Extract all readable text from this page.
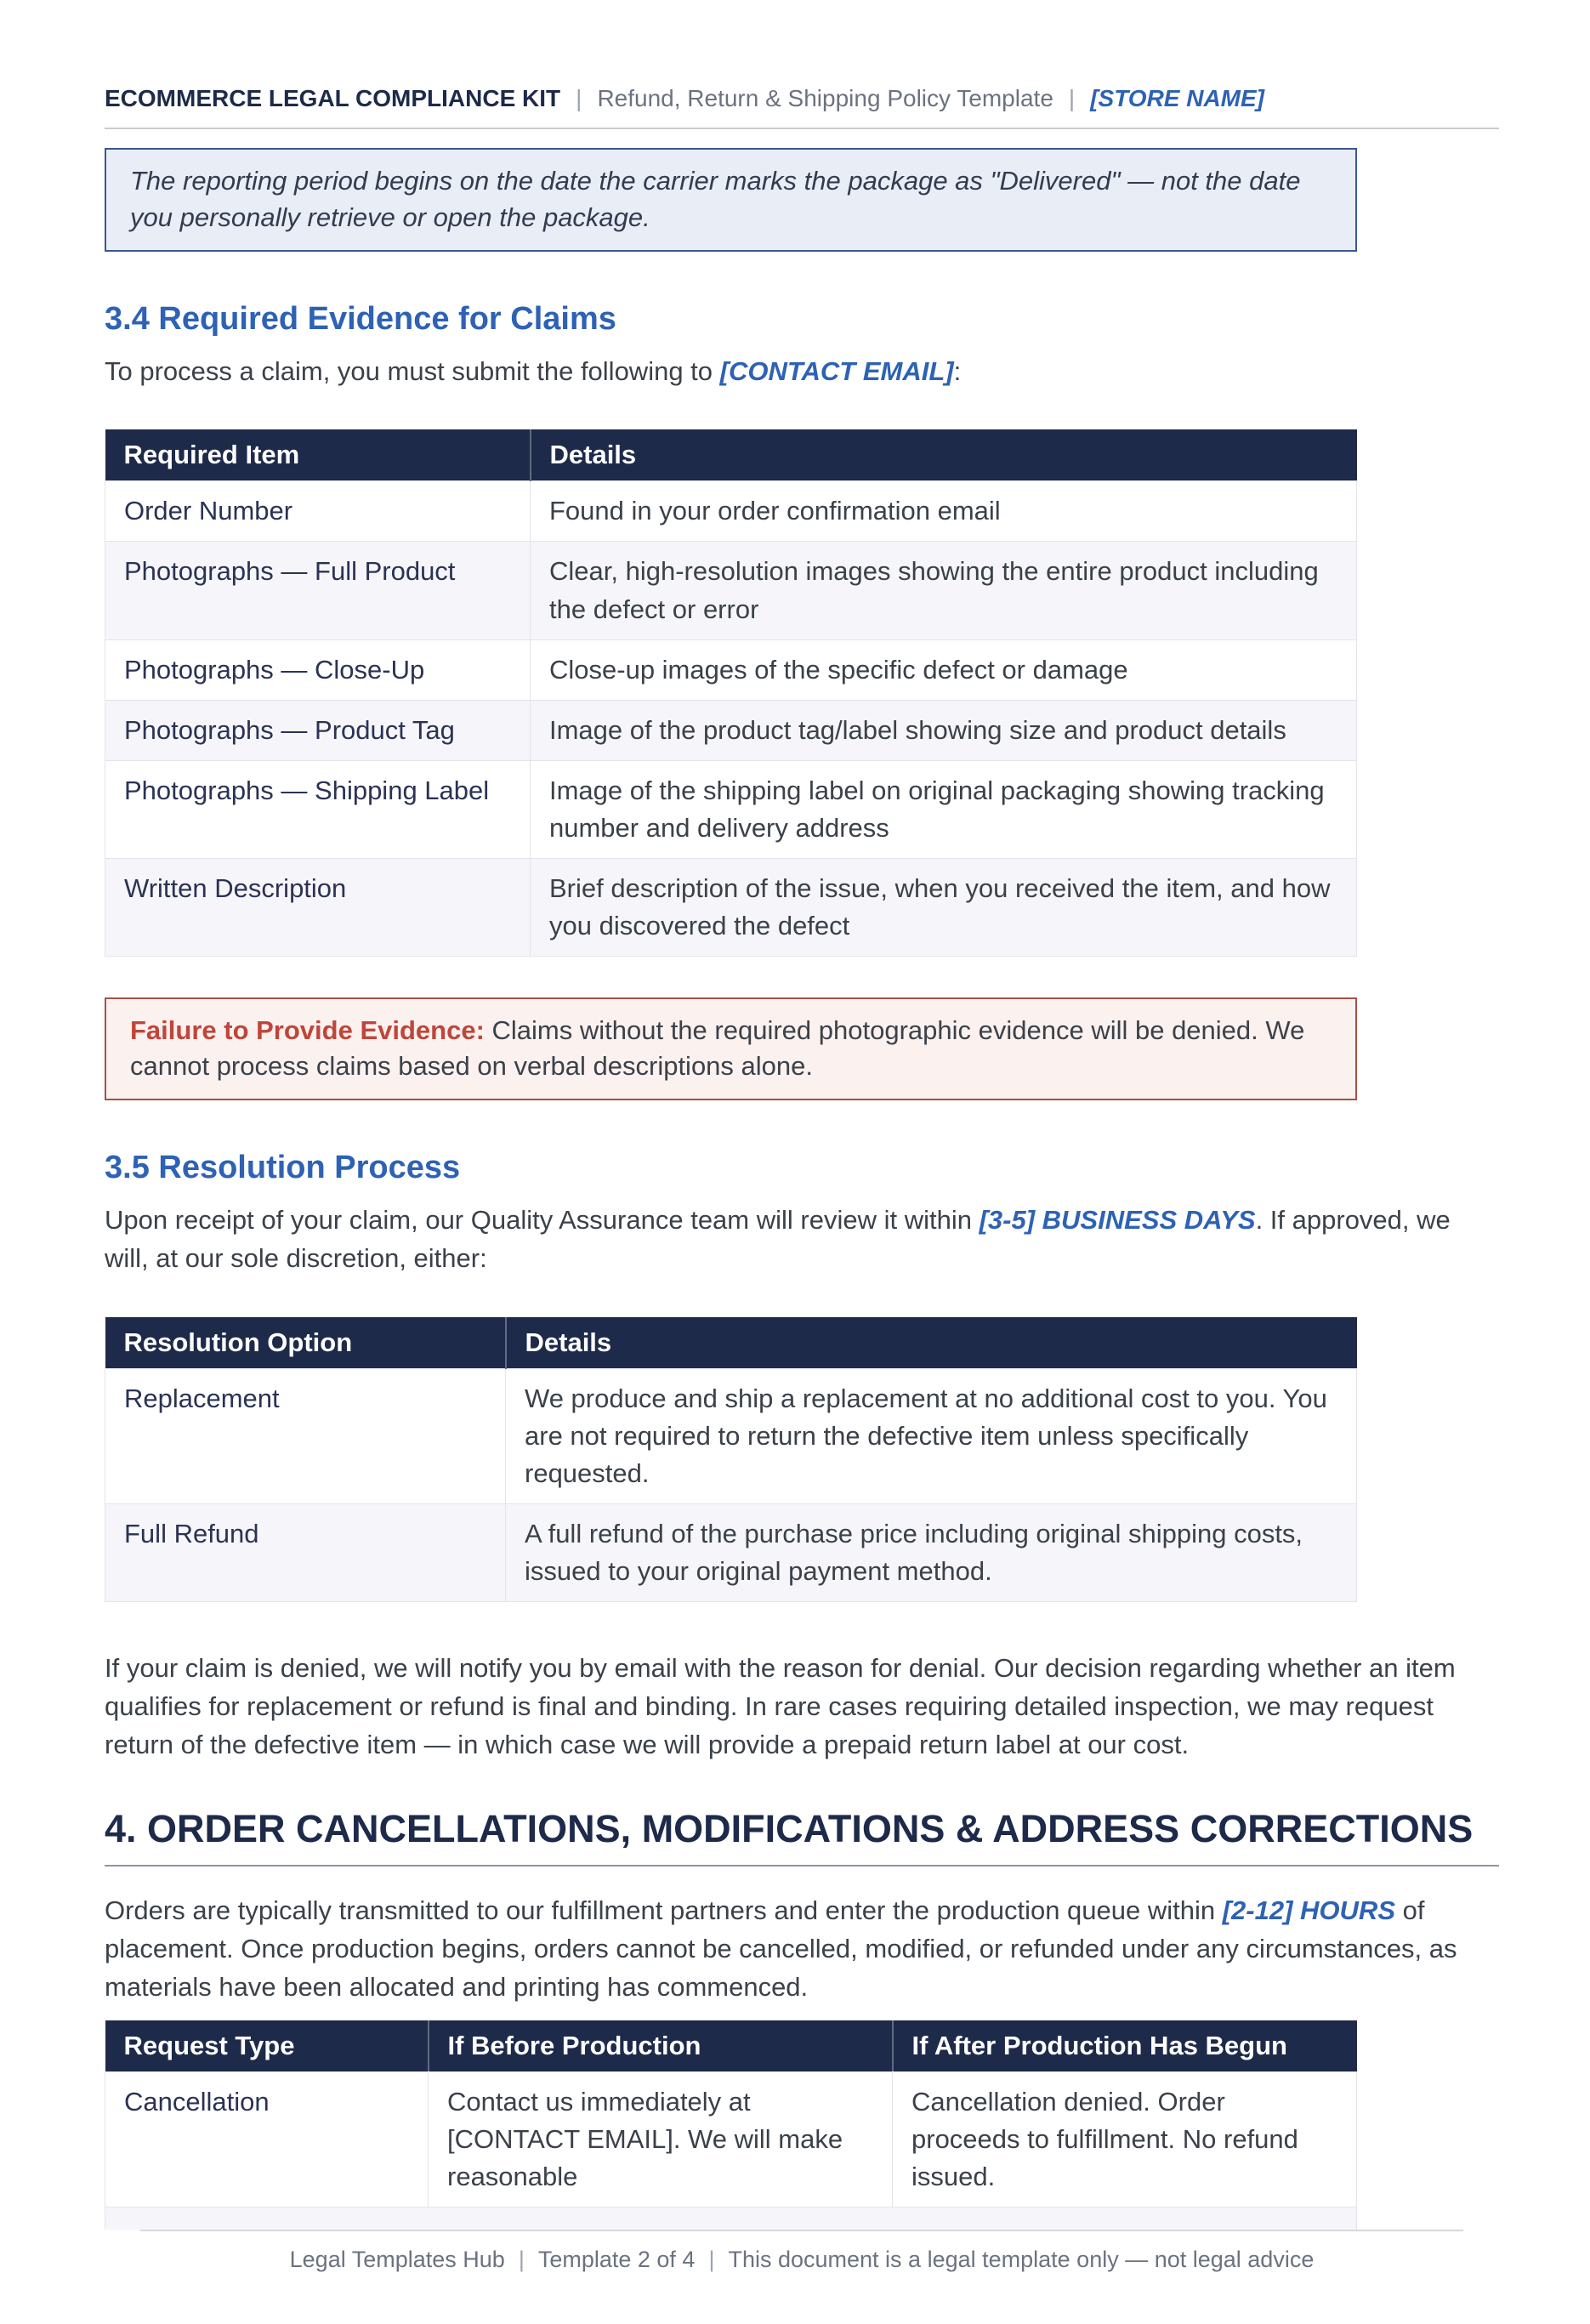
ECOMMERCE LEGAL COMPLIANCE KIT | Refund, Return & Shipping Policy Template | [STORE NAME]
The reporting period begins on the date the carrier marks the package as "Delivered" — not the date you personally retrieve or open the package.
3.4 Required Evidence for Claims

To process a claim, you must submit the following to [CONTACT EMAIL]:

Required Item	Details
Order Number	Found in your order confirmation email
Photographs — Full Product	Clear, high-resolution images showing the entire product including the defect or error
Photographs — Close-Up	Close-up images of the specific defect or damage
Photographs — Product Tag	Image of the product tag/label showing size and product details
Photographs — Shipping Label	Image of the shipping label on original packaging showing tracking number and delivery address
Written Description	Brief description of the issue, when you received the item, and how you discovered the defect
Failure to Provide Evidence: Claims without the required photographic evidence will be denied. We cannot process claims based on verbal descriptions alone.
3.5 Resolution Process

Upon receipt of your claim, our Quality Assurance team will review it within [3-5] BUSINESS DAYS. If approved, we will, at our sole discretion, either:

Resolution Option	Details
Replacement	We produce and ship a replacement at no additional cost to you. You are not required to return the defective item unless specifically requested.
Full Refund	A full refund of the purchase price including original shipping costs, issued to your original payment method.

If your claim is denied, we will notify you by email with the reason for denial. Our decision regarding whether an item qualifies for replacement or refund is final and binding. In rare cases requiring detailed inspection, we may request return of the defective item — in which case we will provide a prepaid return label at our cost.

4. ORDER CANCELLATIONS, MODIFICATIONS & ADDRESS CORRECTIONS

Orders are typically transmitted to our fulfillment partners and enter the production queue within [2-12] HOURS of placement. Once production begins, orders cannot be cancelled, modified, or refunded under any circumstances, as materials have been allocated and printing has commenced.

Request Type	If Before Production	If After Production Has Begun
Cancellation	Contact us immediately at [CONTACT EMAIL]. We will make reasonable	Cancellation denied. Order proceeds to fulfillment. No refund issued.
Legal Templates Hub | Template 2 of 4 | This document is a legal template only — not legal advice
